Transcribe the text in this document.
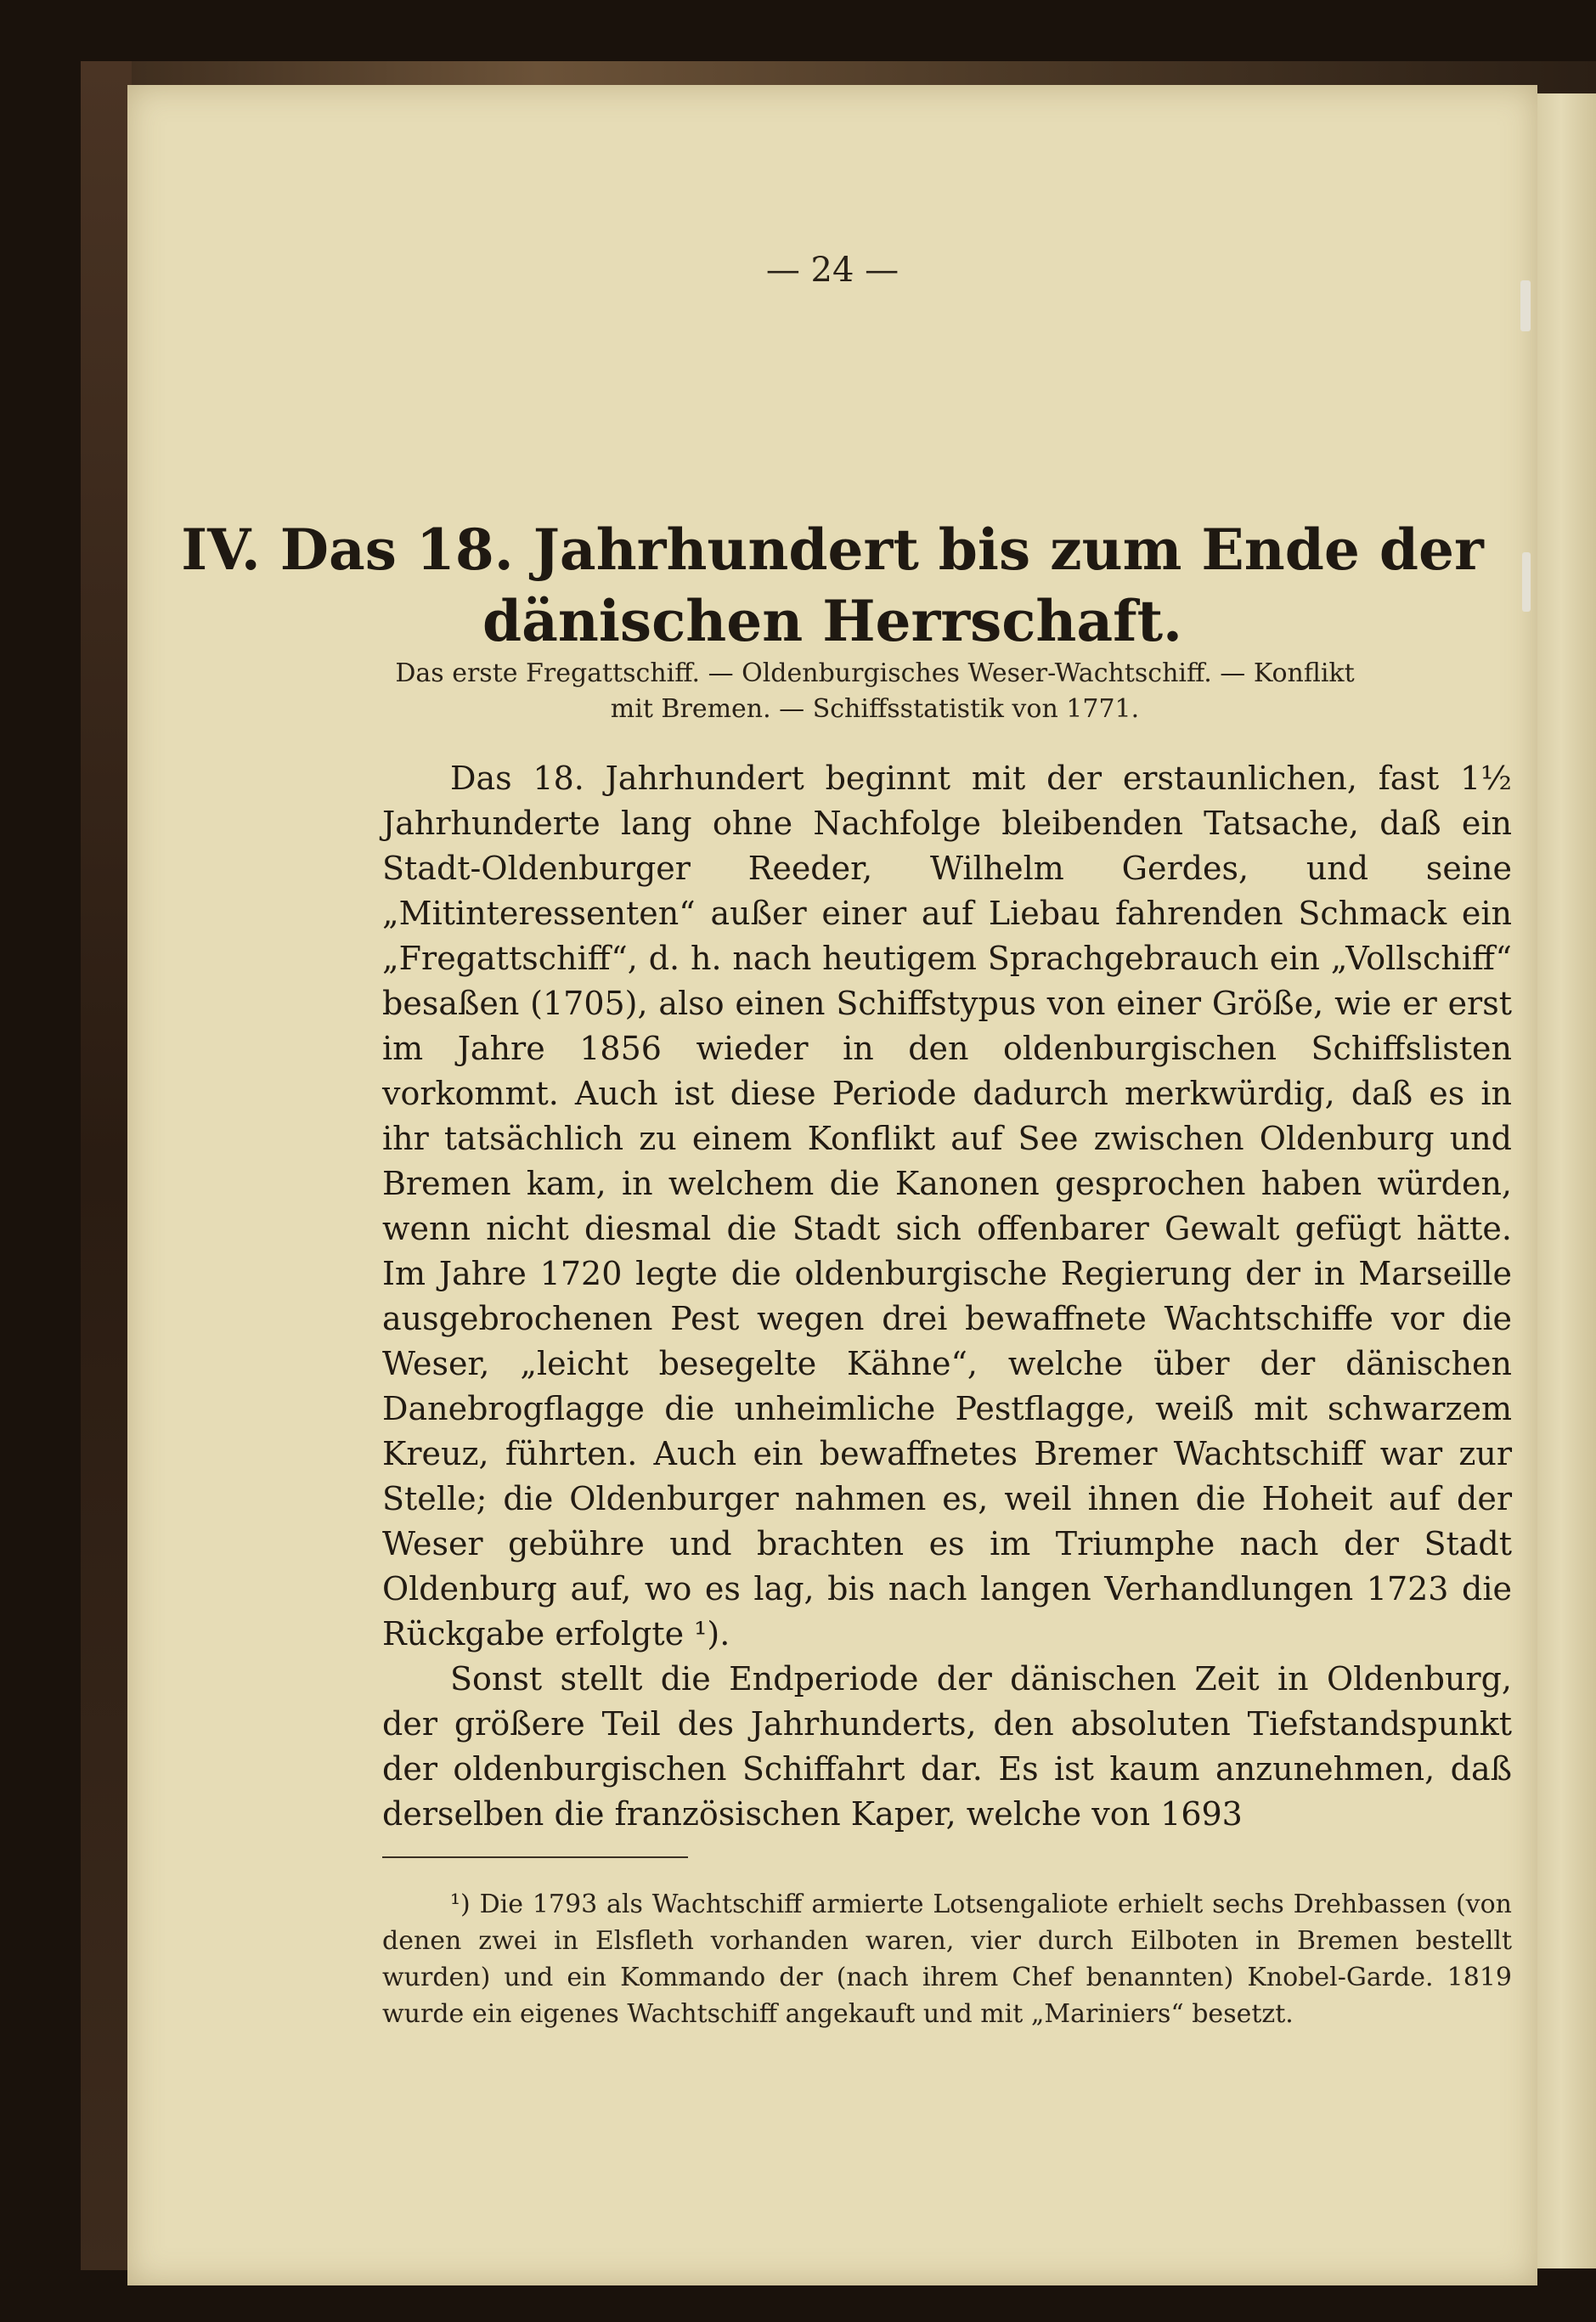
— 24 —
IV. Das 18. Jahrhundert bis zum Ende der dänischen Herrschaft.
Das erste Fregattschiff. — Oldenburgisches Weser-Wachtschiff. — Konflikt mit Bremen. — Schiffsstatistik von 1771.

Das 18. Jahrhundert beginnt mit der erstaunlichen, fast 1½ Jahrhunderte lang ohne Nachfolge bleibenden Tatsache, daß ein Stadt-Oldenburger Reeder, Wilhelm Gerdes, und seine „Mitinteressenten“ außer einer auf Liebau fahrenden Schmack ein „Fregattschiff“, d. h. nach heutigem Sprachgebrauch ein „Vollschiff“ besaßen (1705), also einen Schiffstypus von einer Größe, wie er erst im Jahre 1856 wieder in den oldenburgischen Schiffslisten vorkommt. Auch ist diese Periode dadurch merkwürdig, daß es in ihr tatsächlich zu einem Konflikt auf See zwischen Oldenburg und Bremen kam, in welchem die Kanonen gesprochen haben würden, wenn nicht diesmal die Stadt sich offenbarer Gewalt gefügt hätte. Im Jahre 1720 legte die oldenburgische Regierung der in Marseille ausgebrochenen Pest wegen drei bewaffnete Wachtschiffe vor die Weser, „leicht besegelte Kähne“, welche über der dänischen Danebrogflagge die unheimliche Pestflagge, weiß mit schwarzem Kreuz, führten. Auch ein bewaffnetes Bremer Wachtschiff war zur Stelle; die Oldenburger nahmen es, weil ihnen die Hoheit auf der Weser gebühre und brachten es im Triumphe nach der Stadt Oldenburg auf, wo es lag, bis nach langen Verhandlungen 1723 die Rückgabe erfolgte ¹).

Sonst stellt die Endperiode der dänischen Zeit in Oldenburg, der größere Teil des Jahrhunderts, den absoluten Tiefstandspunkt der oldenburgischen Schiffahrt dar. Es ist kaum anzunehmen, daß derselben die französischen Kaper, welche von 1693

¹) Die 1793 als Wachtschiff armierte Lotsengaliote erhielt sechs Drehbassen (von denen zwei in Elsfleth vorhanden waren, vier durch Eilboten in Bremen bestellt wurden) und ein Kommando der (nach ihrem Chef benannten) Knobel-Garde. 1819 wurde ein eigenes Wachtschiff angekauft und mit „Mariniers“ besetzt.
